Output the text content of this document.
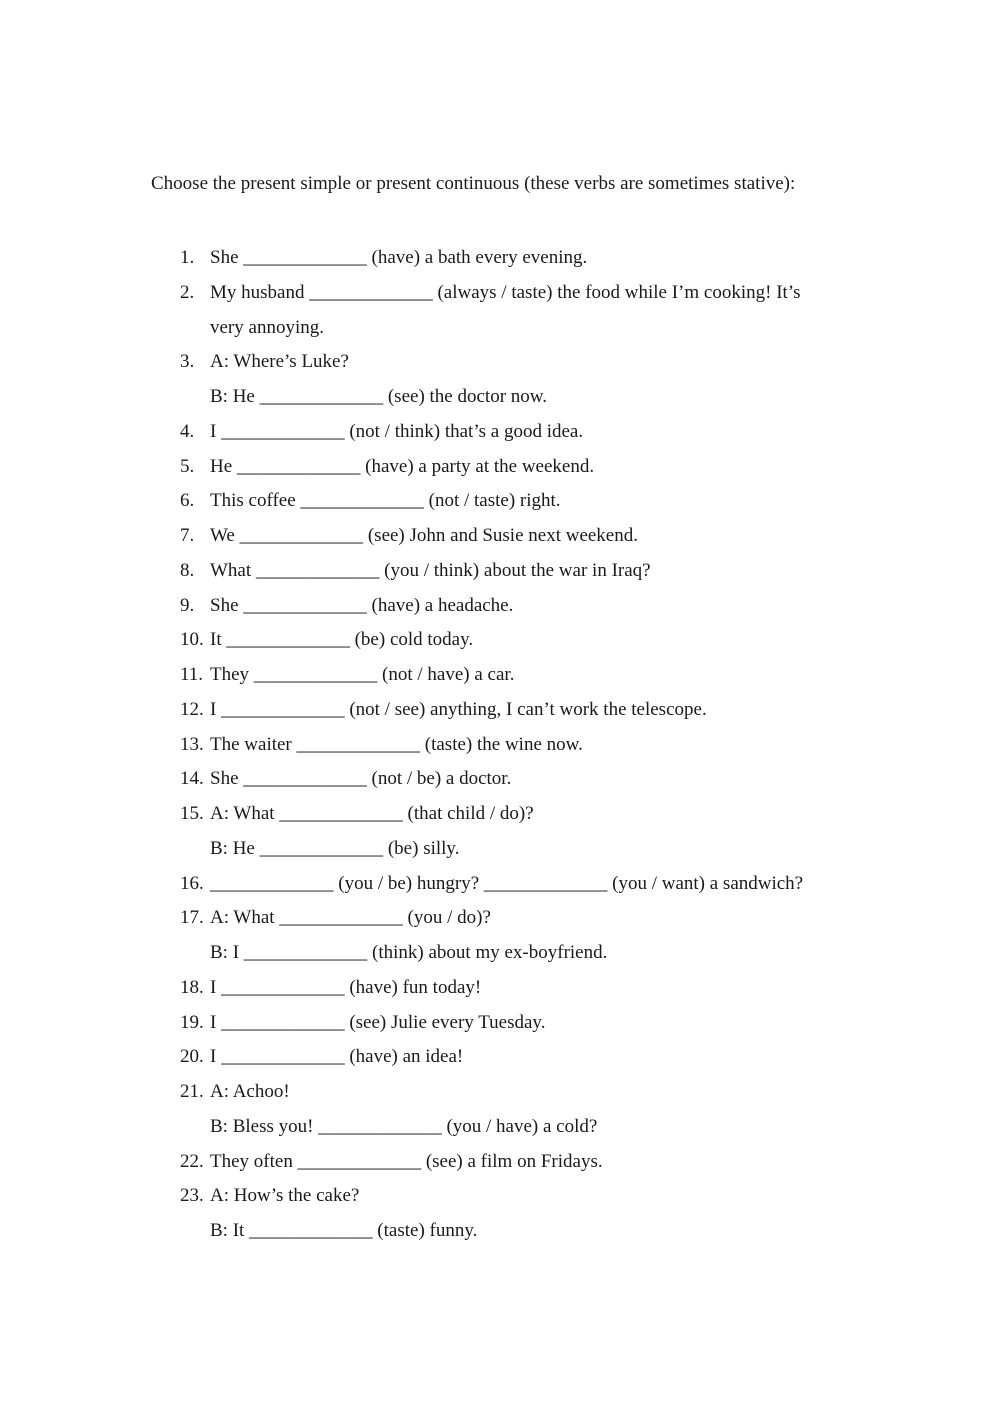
Choose the present simple or present continuous (these verbs are sometimes stative):
1. She _____________ (have) a bath every evening.
2. My husband _____________ (always / taste) the food while I’m cooking! It’s
very annoying.
3. A: Where’s Luke?
B: He _____________ (see) the doctor now.
4. I _____________ (not / think) that’s a good idea.
5. He _____________ (have) a party at the weekend.
6. This coffee _____________ (not / taste) right.
7. We _____________ (see) John and Susie next weekend.
8. What _____________ (you / think) about the war in Iraq?
9. She _____________ (have) a headache.
10. It _____________ (be) cold today.
11. They _____________ (not / have) a car.
12. I _____________ (not / see) anything, I can’t work the telescope.
13. The waiter _____________ (taste) the wine now.
14. She _____________ (not / be) a doctor.
15. A: What _____________ (that child / do)?
B: He _____________ (be) silly.
16. _____________ (you / be) hungry? _____________ (you / want) a sandwich?
17. A: What _____________ (you / do)?
B: I _____________ (think) about my ex-boyfriend.
18. I _____________ (have) fun today!
19. I _____________ (see) Julie every Tuesday.
20. I _____________ (have) an idea!
21. A: Achoo!
B: Bless you! _____________ (you / have) a cold?
22. They often _____________ (see) a film on Fridays.
23. A: How’s the cake?
B: It _____________ (taste) funny.
